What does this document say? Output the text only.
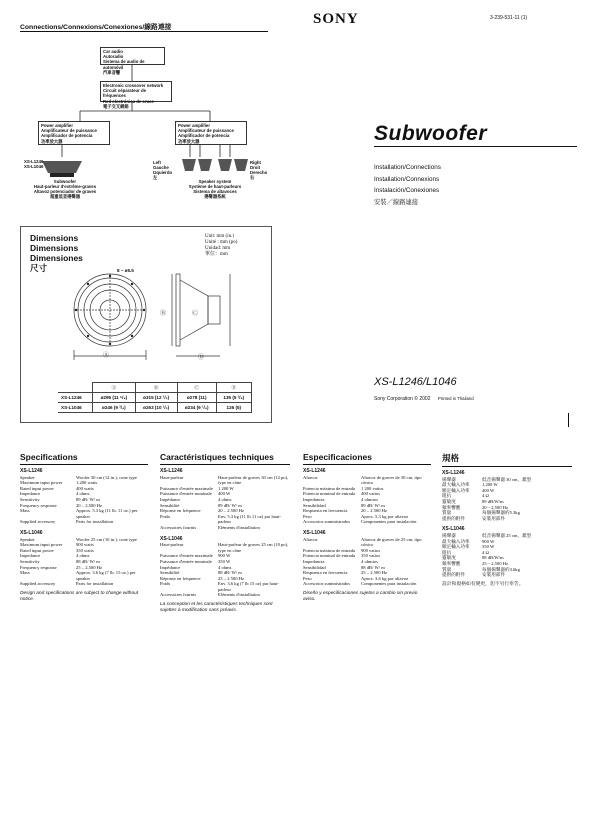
Connections/Connexions/Conexiones/線路連接
SONY	3-239-531-11 (1)
Car audio
Autoradio
Sistema de audio de automóvil
汽車音響
Electronic crossover network
Circuit séparateur de fréquences
Red electrónica de cruce
電子交叉網絡
Power amplifier
Amplificateur de puissance
Amplificador de potencia
功率放大器
Power amplifier
Amplificateur de puissance
Amplificador de potencia
功率放大器
XS-L1246
XS-L1046
Subwoofer
Haut-parleur d'extrême-graves
Altavoz potenciador de graves
超重低音揚聲器
Left
Gauche
Izquierdo
左
Right
Droit
Derecho
右
Speaker system
Système de haut-parleurs
Sistema de altavoces
揚聲器系統
Subwoofer
Installation/Connections
Installation/Connexions
Instalación/Conexiones
安裝／線路連接
XS-L1246/L1046
Sony Corporation © 2002 Printed in Thailand
Dimensions
Dimensions
Dimensiones
尺寸
Unit: mm (in.)
Unité : mm (po)
Unidad: mm
單位：mm
8 – ø5.5
Ⓐ
Ⓑ	Ⓒ
Ⓓ
	Ⓐ	Ⓑ	Ⓒ	Ⓓ
XS-L1246	ø295 (11 ⁵/₈)	ø315 (12 ¹/₂)	ø278 (11)	135 (5 ³/₈)
XS-L1046	ø246 (9 ³/₄)	ø263 (10 ¹/₂)	ø234 (9 ¹/₄)	126 (5)
Specifications
XS-L1246
Speaker	Woofer 30 cm (12 in.), cone type
Maximum input power	1,200 watts
Rated input power	400 watts
Impedance	4 ohms
Sensitivity	89 dB/ W/ m
Frequency response	20 – 2,500 Hz
Mass	Approx. 5.3 kg (11 lb. 11 oz.) per speaker
Supplied accessory	Parts for installation
XS-L1046
Speaker	Woofer 25 cm (10 in.), cone type
Maximum input power	900 watts
Rated input power	350 watts
Impedance	4 ohms
Sensitivity	88 dB/ W/ m
Frequency response	25 – 2,500 Hz
Mass	Approx. 3.6 kg (7 lb. 15 oz.) per speaker
Supplied accessory	Parts for installation
Design and specifications are subject to change without notice.
Caractéristiques techniques
XS-L1246
Haut-parleur	Haut-parleur de graves 30 cm (12 po), type en cône
Puissance d'entrée maximale	1 200 W
Puissance d'entrée nominale	400 W
Impédance	4 ohms
Sensibilité	89 dB/ W/ m
Réponse en fréquence	20 – 2 500 Hz
Poids	Env. 5,3 kg (11 lb 11 oz) par haut-parleur
Accessoires fournis	Eléments d'installation
XS-L1046
Haut-parleur	Haut-parleur de graves 25 cm (10 po), type en cône
Puissance d'entrée maximale	900 W
Puissance d'entrée nominale	350 W
Impédance	4 ohms
Sensibilité	88 dB/ W/ m
Réponse en fréquence	25 – 2 500 Hz
Poids	Env. 3,6 kg (7 lb 15 oz) par haut-parleur
Accessoires fournis	Eléments d'installation
La conception et les caractéristiques techniques sont sujettes à modification sans préavis.
Especificaciones
XS-L1246
Altavoz	Altavoz de graves de 30 cm, tipo cónico
Potencia máxima de entrada	1 200 vatios
Potencia nominal de entrada	400 vatios
Impedancia	4 ohmios
Sensibilidad	89 dB/ W/ m
Respuesta en frecuencia	20 – 2 500 Hz
Peso	Aprox. 5,3 kg por altavoz
Accesorios suministrados	Componentes para instalación
XS-L1046
Altavoz	Altavoz de graves de 25 cm, tipo cónico
Potencia máxima de entrada	900 vatios
Potencia nominal de entrada	350 vatios
Impedancia	4 ohmios
Sensibilidad	88 dB/ W/ m
Respuesta en frecuencia	25 – 2 500 Hz
Peso	Aprox. 3,6 kg por altavoz
Accesorios suministrados	Componentes para instalación
Diseño y especificaciones sujetos a cambio sin previo aviso.
規格
XS-L1246
揚聲器	低音揚聲器 30 cm，錐型
最大輸入功率	1,200 W
額定輸入功率	400 W
阻抗	4 Ω
靈敏度	89 dB/W/m
頻率響應	20－2,500 Hz
質量	每個揚聲器約5.3kg
提供的附件	安裝用部件
XS-L1046
揚聲器	低音揚聲器 25 cm，錐型
最大輸入功率	900 W
額定輸入功率	350 W
阻抗	4 Ω
靈敏度	88 dB/W/m
頻率響應	25－2,500 Hz
質量	每個揚聲器約3.6kg
提供的附件	安裝用部件
設計和規格如有變更，恕不另行奉告。
